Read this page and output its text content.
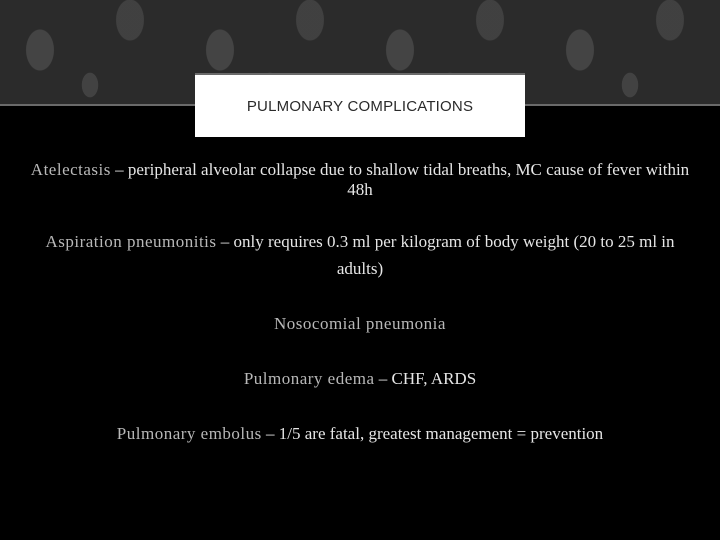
PULMONARY COMPLICATIONS
Atelectasis – peripheral alveolar collapse due to shallow tidal breaths, MC cause of fever within 48h
Aspiration pneumonitis – only requires 0.3 ml per kilogram of body weight (20 to 25 ml in adults)
Nosocomial pneumonia
Pulmonary edema – CHF, ARDS
Pulmonary embolus – 1/5 are fatal, greatest management = prevention
